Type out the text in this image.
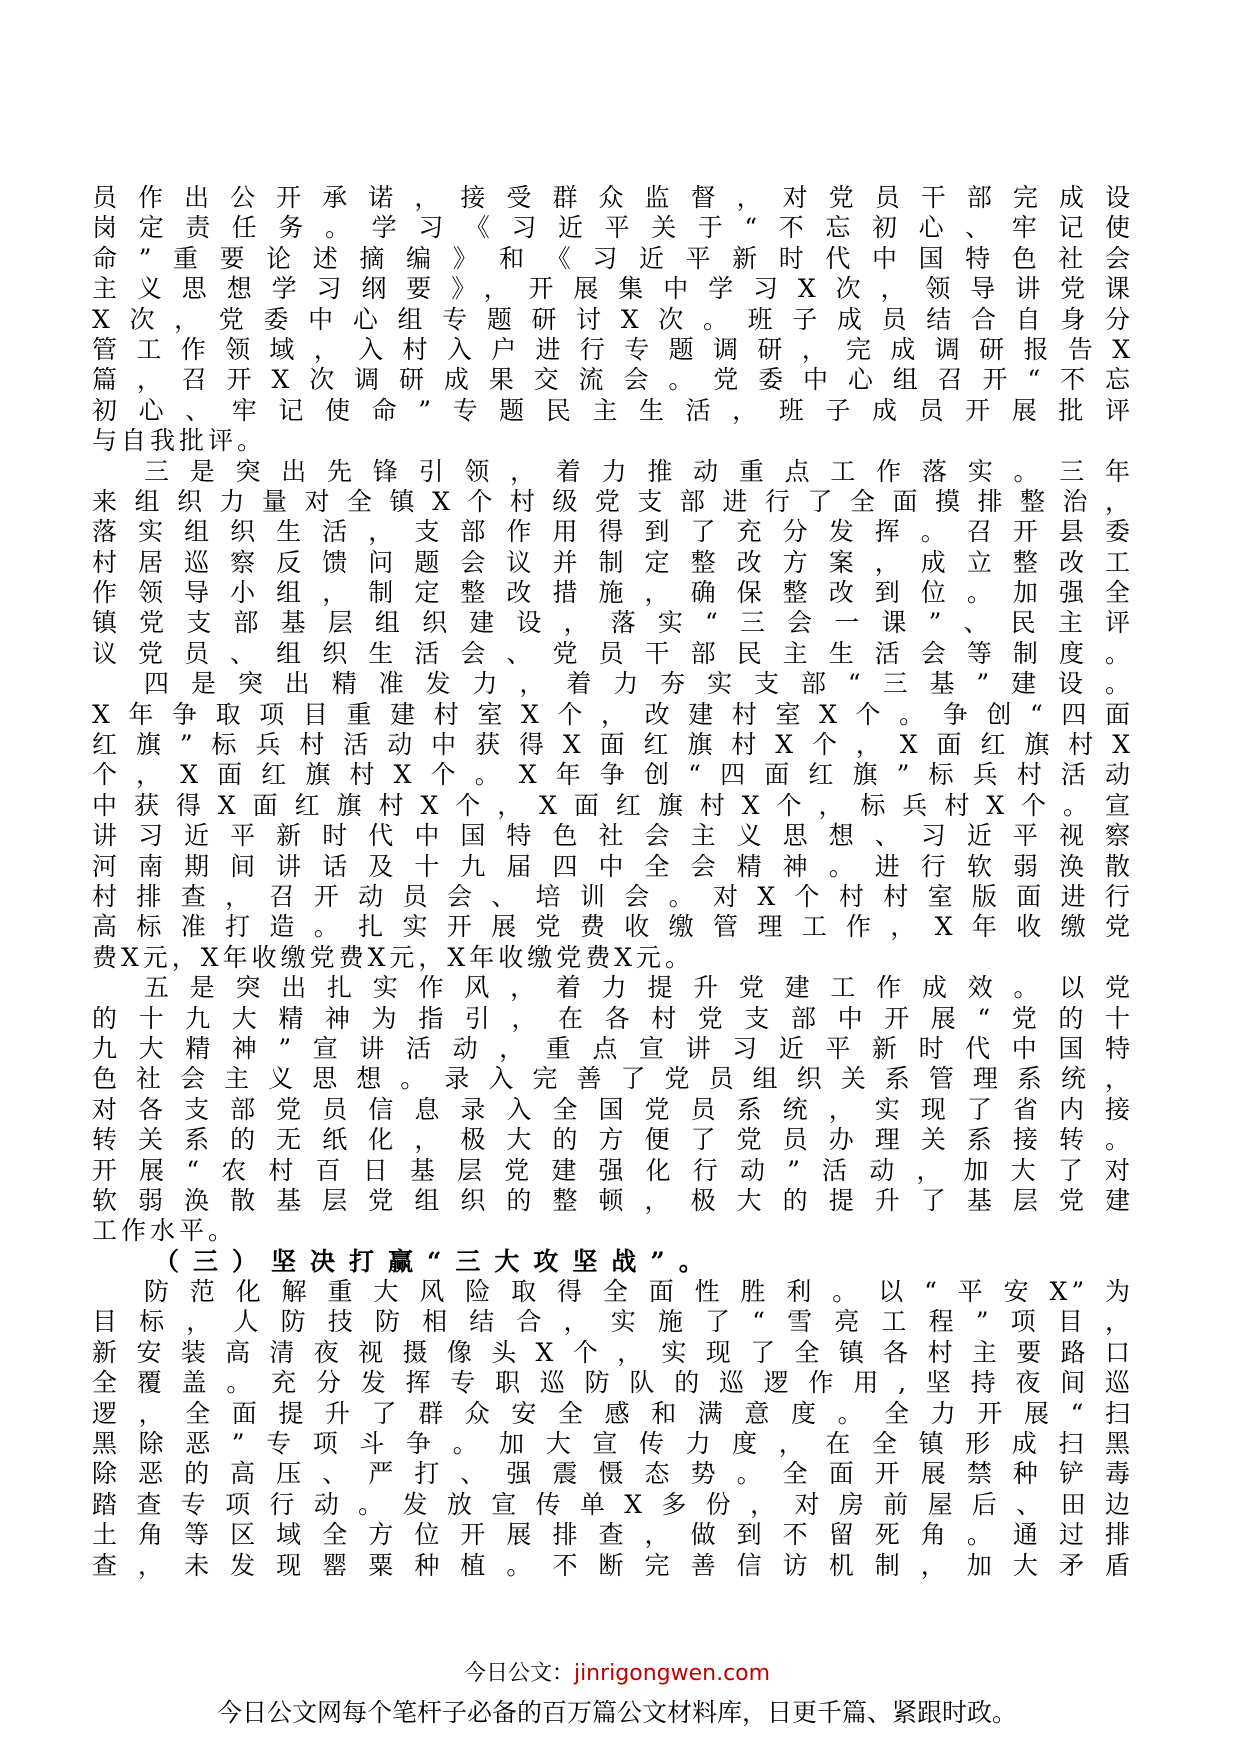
员作出公开承诺，接受群众监督，对党员干部完成设
岗定责任务。学习《习近平关于“不忘初心、牢记使
命”重要论述摘编》和《习近平新时代中国特色社会
主义思想学习纲要》，开展集中学习X次，领导讲党课
X次，党委中心组专题研讨X次。班子成员结合自身分
管工作领域，入村入户进行专题调研，完成调研报告X
篇，召开X次调研成果交流会。党委中心组召开“不忘
初心、牢记使命”专题民主生活，班子成员开展批评
与自我批评。
三是突出先锋引领，着力推动重点工作落实。三年
来组织力量对全镇X个村级党支部进行了全面摸排整治，
落实组织生活，支部作用得到了充分发挥。召开县委
村居巡察反馈问题会议并制定整改方案，成立整改工
作领导小组，制定整改措施，确保整改到位。加强全
镇党支部基层组织建设，落实“三会一课”、民主评
议党员、组织生活会、党员干部民主生活会等制度。
四是突出精准发力，着力夯实支部“三基”建设。
X年争取项目重建村室X个，改建村室X个。争创“四面
红旗”标兵村活动中获得X面红旗村X个，X面红旗村X
个，X面红旗村X个。X年争创“四面红旗”标兵村活动
中获得X面红旗村X个，X面红旗村X个，标兵村X个。宣
讲习近平新时代中国特色社会主义思想、习近平视察
河南期间讲话及十九届四中全会精神。进行软弱涣散
村排查，召开动员会、培训会。对X个村村室版面进行
高标准打造。扎实开展党费收缴管理工作，X年收缴党
费X元，X年收缴党费X元，X年收缴党费X元。
五是突出扎实作风，着力提升党建工作成效。以党
的十九大精神为指引，在各村党支部中开展“党的十
九大精神”宣讲活动，重点宣讲习近平新时代中国特
色社会主义思想。录入完善了党员组织关系管理系统，
对各支部党员信息录入全国党员系统，实现了省内接
转关系的无纸化，极大的方便了党员办理关系接转。
开展“农村百日基层党建强化行动”活动，加大了对
软弱涣散基层党组织的整顿，极大的提升了基层党建
工作水平。
（三）坚决打赢“三大攻坚战”。
防范化解重大风险取得全面性胜利。以“平安X”为
目标，人防技防相结合，实施了“雪亮工程”项目，
新安装高清夜视摄像头X个，实现了全镇各村主要路口
全覆盖。充分发挥专职巡防队的巡逻作用,坚持夜间巡
逻，全面提升了群众安全感和满意度。全力开展“扫
黑除恶”专项斗争。加大宣传力度，在全镇形成扫黑
除恶的高压、严打、强震慑态势。全面开展禁种铲毒
踏查专项行动。发放宣传单X多份，对房前屋后、田边
土角等区域全方位开展排查，做到不留死角。通过排
查，未发现罂粟种植。不断完善信访机制，加大矛盾
今日公文：jinrigongwen.com
今日公文网每个笔杆子必备的百万篇公文材料库，日更千篇、紧跟时政。
